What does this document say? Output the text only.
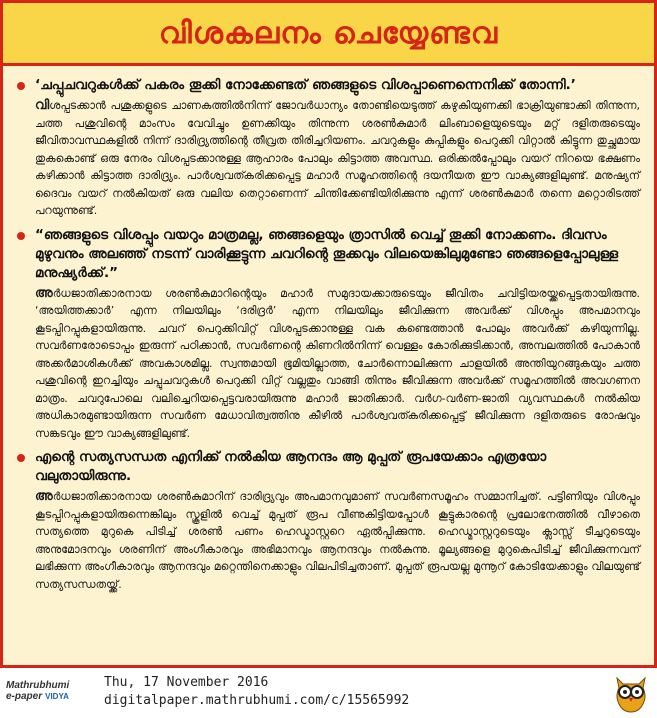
വിശകലനം ചെയ്യേണ്ടവ
‘ചപ്പുചവറുകൾക്ക് പകരം തൂക്കി നോക്കേണ്ടത് ഞങ്ങളുടെ വിശപ്പാണെന്നെനിക്ക് തോന്നി.’
വിശപ്പടക്കാൻ പശുക്കളുടെ ചാണകത്തിൽനിന്ന് ജോവർധാന്യം തോണ്ടിയെടുത്ത് കഴുകിയുണക്കി ഭാക്രിയുണ്ടാക്കി തിന്നുന്ന, ചത്ത പശുവിന്റെ മാംസം വേവിച്ചും ഉണക്കിയും തിന്നുന്ന ശരൺകുമാർ ലിംബാളെയുടെയും മറ്റ് ദളിതരുടെയും ജീവിതാവസ്ഥകളിൽ നിന്ന് ദാരിദ്ര്യത്തിന്റെ തീവ്രത തിരിച്ചറിയണം. ചവറുകളും കുപ്പികളും പെറുക്കി വിറ്റാൽ കിട്ടുന്ന തുച്ഛമായ തുകകൊണ്ട് ഒരു നേരം വിശപ്പടക്കാനുള്ള ആഹാരം പോലും കിട്ടാത്ത അവസ്ഥ. ഒരിക്കൽപ്പോലും വയറ് നിറയെ ഭക്ഷണം കഴിക്കാൻ കിട്ടാത്ത ദാരിദ്ര്യം. പാർശ്വവത്കരിക്കപ്പെട്ട മഹാർ സമൂഹത്തിന്റെ ദയനീയത ഈ വാക്യങ്ങളിലുണ്ട്. മനുഷ്യന് ദൈവം വയറ് നൽകിയത് ഒരു വലിയ തെറ്റാണെന്ന് ചിന്തിക്കേണ്ടിയിരിക്കുന്നു എന്ന് ശരൺകുമാർ തന്നെ മറ്റൊരിടത്ത് പറയുന്നുണ്ട്.
“ഞങ്ങളുടെ വിശപ്പും വയറും മാത്രമല്ല, ഞങ്ങളെയും ത്രാസിൽ വെച്ച് തൂക്കി നോക്കണം. ദിവസം മുഴുവനും അലഞ്ഞ് നടന്ന് വാരിക്കൂട്ടുന്ന ചവറിന്റെ തൂക്കവും വിലയെങ്കിലുമുണ്ടോ ഞങ്ങളെപ്പോലുള്ള മനുഷ്യർക്ക്.”
അർധജാതിക്കാരനായ ശരൺകുമാറിന്റെയും മഹാർ സമുദായക്കാരുടെയും ജീവിതം ചവിട്ടിയരയ്ക്കപ്പെട്ടതായിരുന്നു. ‘അയിത്തക്കാർ’ എന്ന നിലയിലും ‘ദരിദ്രർ’ എന്ന നിലയിലും ജീവിക്കുന്ന അവർക്ക് വിശപ്പും അപമാനവും കൂടപ്പിറപ്പുകളായിരുന്നു. ചവറ് പെറുക്കിവിറ്റ് വിശപ്പടക്കാനുള്ള വക കണ്ടെത്താൻ പോലും അവർക്ക് കഴിയുന്നില്ല. സവർണരോടൊപ്പം ഇരുന്ന് പഠിക്കാൻ, സവർണന്റെ കിണറിൽനിന്ന് വെള്ളം കോരിക്കുടിക്കാൻ, അമ്പലത്തിൽ പോകാൻ അക്കർമാശികൾക്ക് അവകാശമില്ല. സ്വന്തമായി ഭൂമിയില്ലാത്ത, ചോർന്നൊലിക്കുന്ന ചാളയിൽ അന്തിയുറങ്ങുകയും ചത്ത പശുവിന്റെ ഇറച്ചിയും ചപ്പുചവറുകൾ പെറുക്കി വിറ്റ് വല്ലതും വാങ്ങി തിന്നും ജീവിക്കുന്ന അവർക്ക് സമൂഹത്തിൽ അവഗണന മാത്രം. ചവറുപോലെ വലിച്ചെറിയപ്പെട്ടവരായിരുന്നു മഹാർ ജാതിക്കാർ. വർഗ-വർണ-ജാതി വ്യവസ്ഥകൾ നൽകിയ അധികാരമുണ്ടായിരുന്ന സവർണ മേധാവിത്വത്തിനു കീഴിൽ പാർശ്വവത്കരിക്കപ്പെട്ട് ജീവിക്കുന്ന ദളിതരുടെ രോഷവും സങ്കടവും ഈ വാക്യങ്ങളിലുണ്ട്.
എന്റെ സത്യസന്ധത എനിക്ക് നൽകിയ ആനന്ദം ആ മുപ്പത് രൂപയേക്കാം എത്രയോ വലുതായിരുന്നു.
അർധജാതിക്കാരനായ ശരൺകുമാറിന് ദാരിദ്ര്യവും അപമാനവുമാണ് സവർണസമൂഹം സമ്മാനിച്ചത്. പട്ടിണിയും വിശപ്പും കൂടപ്പിറപ്പുകളായിരുന്നെങ്കിലും സ്കൂളിൽ വെച്ച് മുപ്പത് രൂപ വീണുകിട്ടിയപ്പോൾ കൂട്ടുകാരന്റെ പ്രലോഭനത്തിൽ വീഴാതെ സത്യത്തെ മുറുകെ പിടിച്ച് ശരൺ പണം ഹെഡ്മാസ്റ്ററെ ഏൽപ്പിക്കുന്നു. ഹെഡ്മാസ്റ്ററുടെയും ക്ലാസ്സ് ടീച്ചറുടെയും അനുമോദനവും ശരണിന് അംഗീകാരവും അഭിമാനവും ആനന്ദവും നൽകുന്നു. മൂല്യങ്ങളെ മുറുകെപിടിച്ച് ജീവിക്കുന്നവന് ലഭിക്കുന്ന അംഗീകാരവും ആനന്ദവും മറ്റെന്തിനെക്കാളും വിലപിടിച്ചതാണ്. മുപ്പത് രൂപയല്ല മുന്നൂറ് കോടിയേക്കാളും വിലയുണ്ട് സത്യസന്ധതയ്ക്ക്.
Mathrubhumi
e-paper VIDYA
Thu, 17 November 2016
digitalpaper.mathrubhumi.com/c/15565992
